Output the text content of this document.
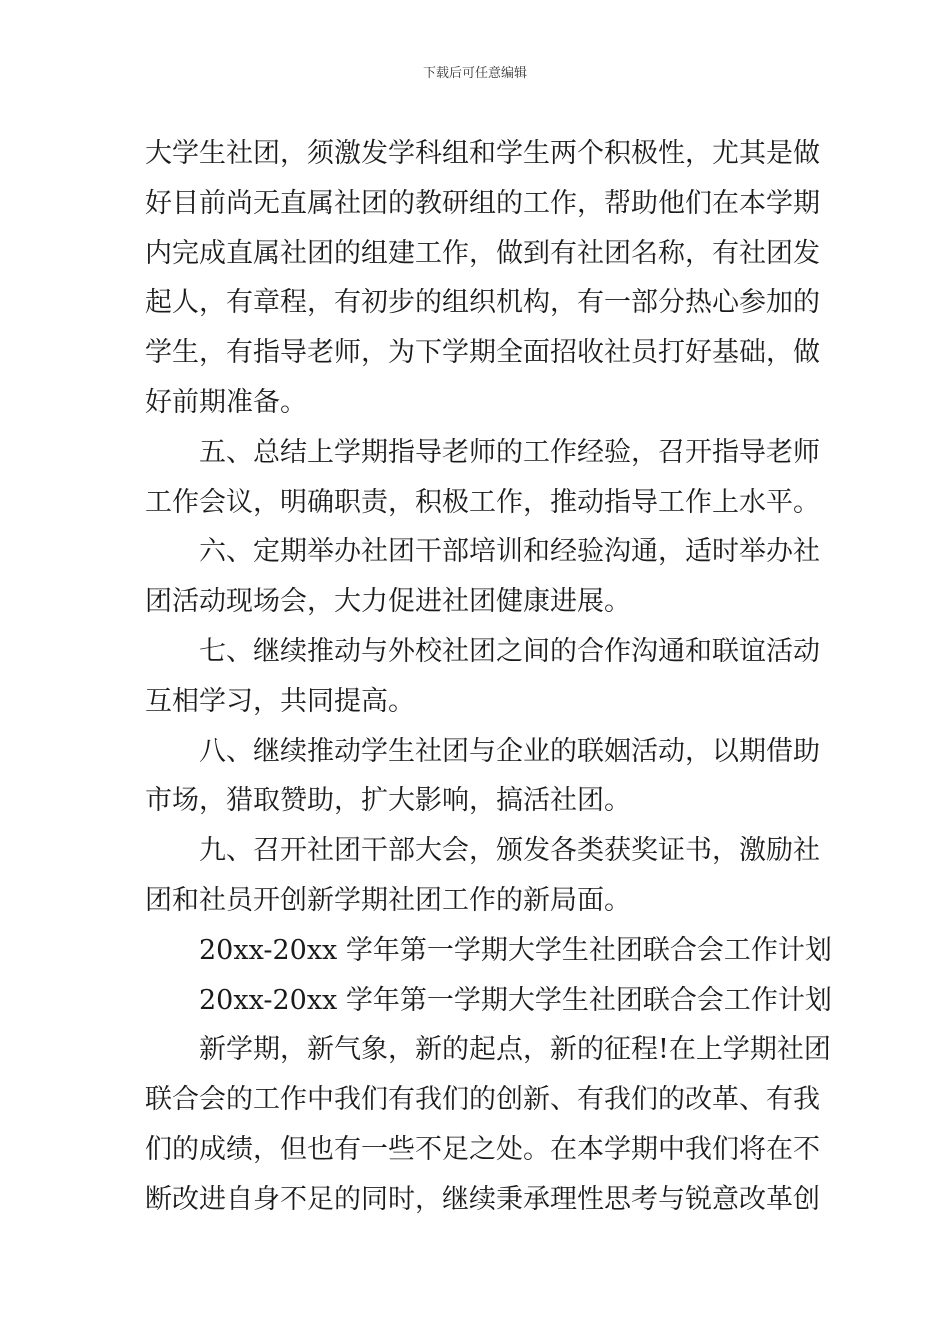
下载后可任意编辑
大学生社团，须激发学科组和学生两个积极性，尤其是做
好目前尚无直属社团的教研组的工作，帮助他们在本学期
内完成直属社团的组建工作，做到有社团名称，有社团发
起人，有章程，有初步的组织机构，有一部分热心参加的
学生，有指导老师，为下学期全面招收社员打好基础，做
好前期准备。
五、总结上学期指导老师的工作经验，召开指导老师
工作会议，明确职责，积极工作，推动指导工作上水平。
六、定期举办社团干部培训和经验沟通，适时举办社
团活动现场会，大力促进社团健康进展。
七、继续推动与外校社团之间的合作沟通和联谊活动
互相学习，共同提高。
八、继续推动学生社团与企业的联姻活动，以期借助
市场，猎取赞助，扩大影响，搞活社团。
九、召开社团干部大会，颁发各类获奖证书，激励社
团和社员开创新学期社团工作的新局面。
20xx-20xx 学年第一学期大学生社团联合会工作计划
20xx-20xx 学年第一学期大学生社团联合会工作计划
新学期，新气象，新的起点，新的征程!在上学期社团
联合会的工作中我们有我们的创新、有我们的改革、有我
们的成绩，但也有一些不足之处。在本学期中我们将在不
断改进自身不足的同时，继续秉承理性思考与锐意改革创
